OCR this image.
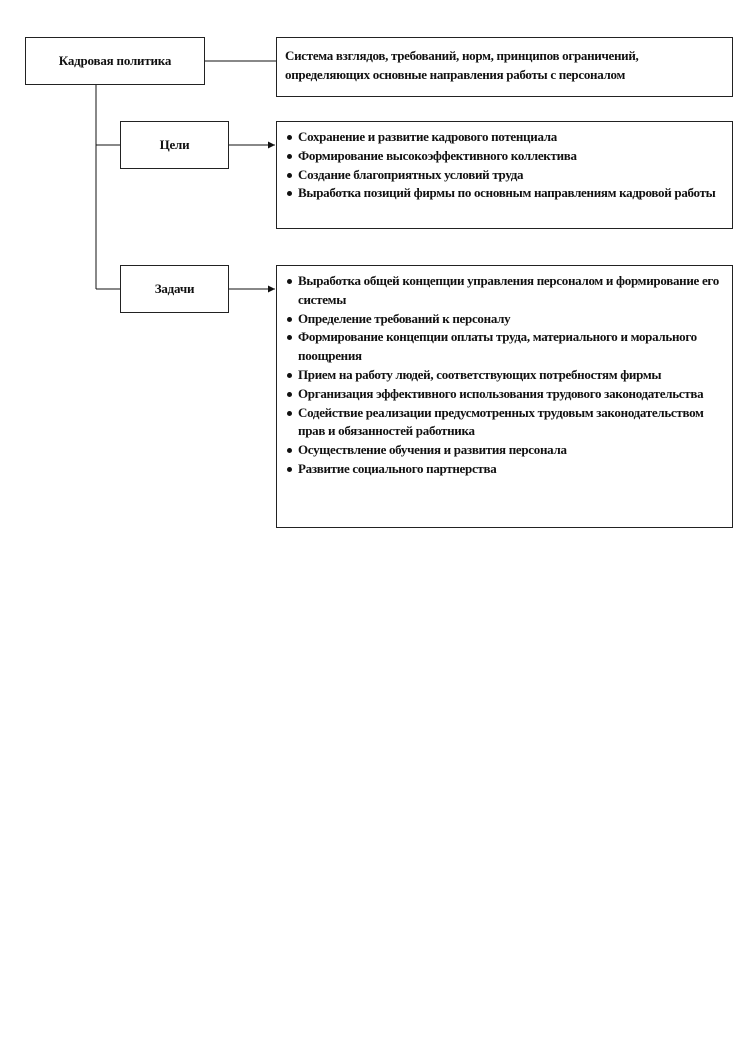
Кадровая политика	Система взглядов, требований, норм, принципов ограничений, определяющих основные направления работы с персоналом
Цели
Сохранение и развитие кадрового потенциала
Формирование высокоэффективного коллектива
Создание благоприятных условий труда
Выработка позиций фирмы по основным направлениям кадровой работы
Задачи
Выработка общей концепции управления персоналом и формирование его системы
Определение требований к персоналу
Формирование концепции оплаты труда, материального и морального поощрения
Прием на работу людей, соответствующих потребностям фирмы
Организация эффективного использования трудового законодательства
Содействие реализации предусмотренных трудовым законодательством прав и обязанностей работника
Осуществление обучения и развития персонала
Развитие социального партнерства
